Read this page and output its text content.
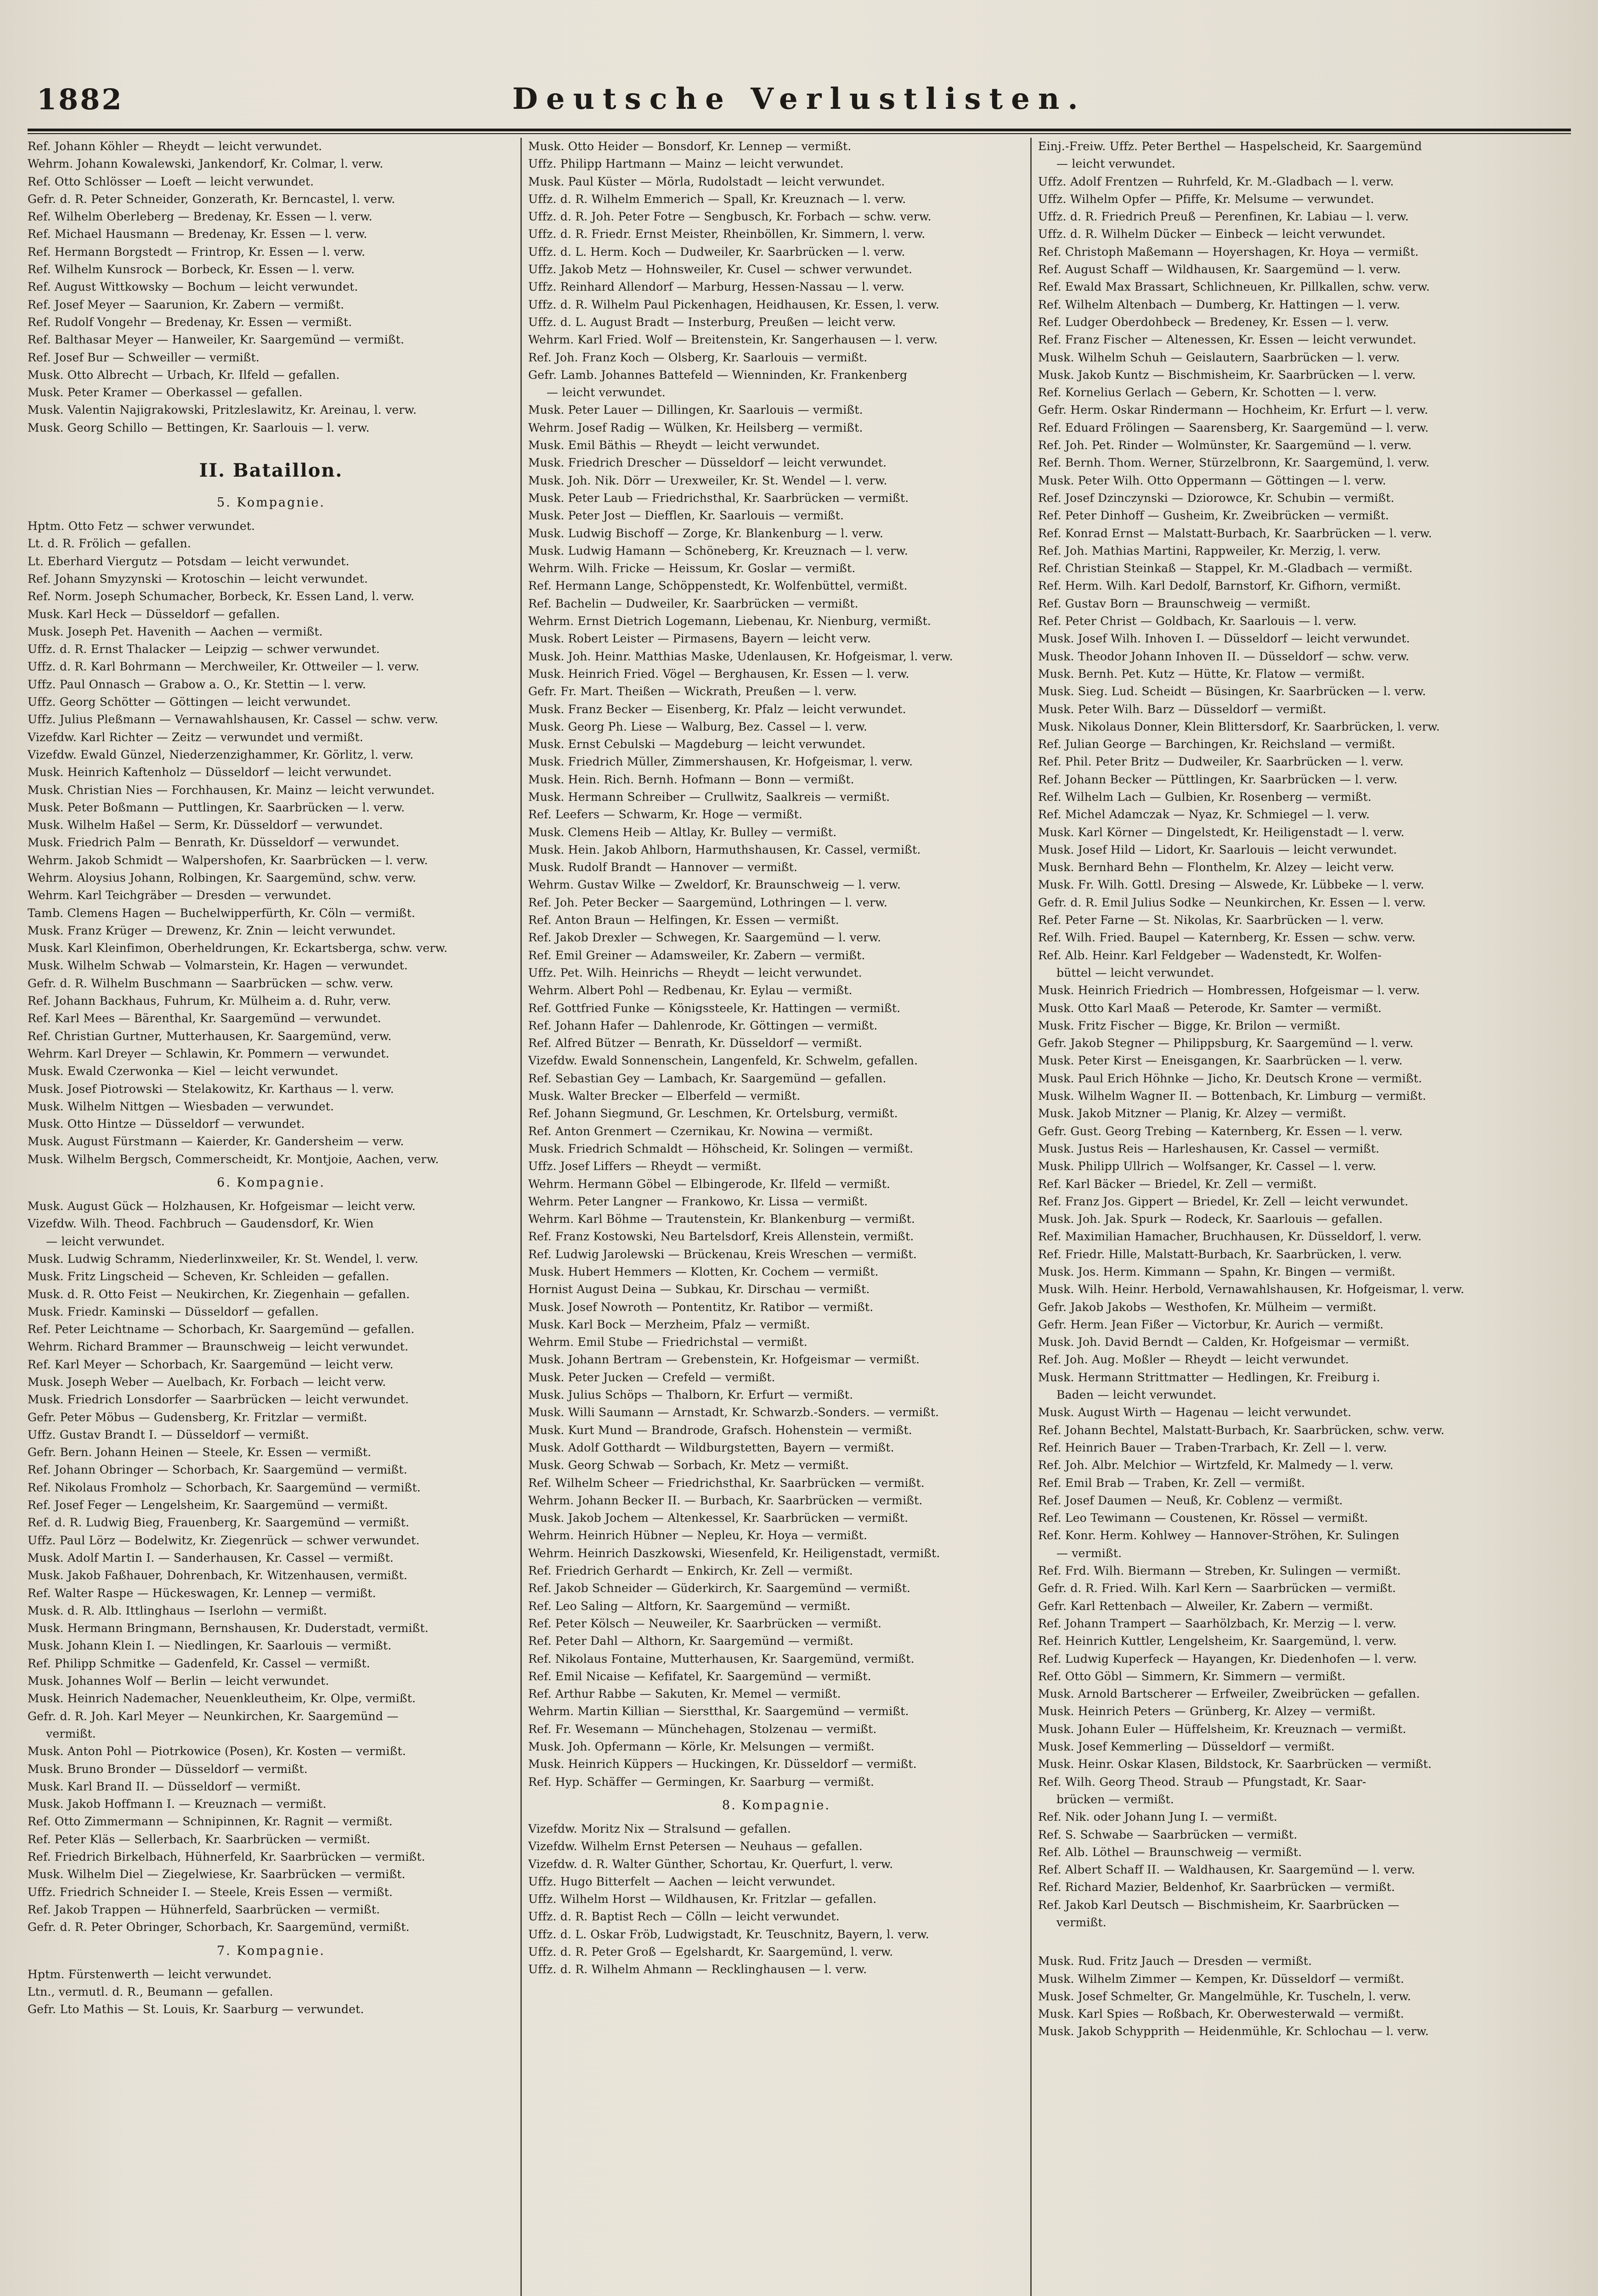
1882	Deutsche Verlustlisten.
Ref. Johann Köhler — Rheydt — leicht verwundet.
Wehrm. Johann Kowalewski, Jankendorf, Kr. Colmar, l. verw.
Ref. Otto Schlösser — Loeft — leicht verwundet.
Gefr. d. R. Peter Schneider, Gonzerath, Kr. Berncastel, l. verw.
Ref. Wilhelm Oberleberg — Bredenay, Kr. Essen — l. verw.
Ref. Michael Hausmann — Bredenay, Kr. Essen — l. verw.
Ref. Hermann Borgstedt — Frintrop, Kr. Essen — l. verw.
Ref. Wilhelm Kunsrock — Borbeck, Kr. Essen — l. verw.
Ref. August Wittkowsky — Bochum — leicht verwundet.
Ref. Josef Meyer — Saarunion, Kr. Zabern — vermißt.
Ref. Rudolf Vongehr — Bredenay, Kr. Essen — vermißt.
Ref. Balthasar Meyer — Hanweiler, Kr. Saargemünd — vermißt.
Ref. Josef Bur — Schweiller — vermißt.
Musk. Otto Albrecht — Urbach, Kr. Ilfeld — gefallen.
Musk. Peter Kramer — Oberkassel — gefallen.
Musk. Valentin Najigrakowski, Pritzleslawitz, Kr. Areinau, l. verw.
Musk. Georg Schillo — Bettingen, Kr. Saarlouis — l. verw.
II. Bataillon.
5. Kompagnie.
Hptm. Otto Fetz — schwer verwundet.
Lt. d. R. Frölich — gefallen.
Lt. Eberhard Viergutz — Potsdam — leicht verwundet.
Ref. Johann Smyzynski — Krotoschin — leicht verwundet.
Ref. Norm. Joseph Schumacher, Borbeck, Kr. Essen Land, l. verw.
Musk. Karl Heck — Düsseldorf — gefallen.
Musk. Joseph Pet. Havenith — Aachen — vermißt.
Uffz. d. R. Ernst Thalacker — Leipzig — schwer verwundet.
Uffz. d. R. Karl Bohrmann — Merchweiler, Kr. Ottweiler — l. verw.
Uffz. Paul Onnasch — Grabow a. O., Kr. Stettin — l. verw.
Uffz. Georg Schötter — Göttingen — leicht verwundet.
Uffz. Julius Pleßmann — Vernawahlshausen, Kr. Cassel — schw. verw.
Vizefdw. Karl Richter — Zeitz — verwundet und vermißt.
Vizefdw. Ewald Günzel, Niederzenzighammer, Kr. Görlitz, l. verw.
Musk. Heinrich Kaftenholz — Düsseldorf — leicht verwundet.
Musk. Christian Nies — Forchhausen, Kr. Mainz — leicht verwundet.
Musk. Peter Boßmann — Puttlingen, Kr. Saarbrücken — l. verw.
Musk. Wilhelm Haßel — Serm, Kr. Düsseldorf — verwundet.
Musk. Friedrich Palm — Benrath, Kr. Düsseldorf — verwundet.
Wehrm. Jakob Schmidt — Walpershofen, Kr. Saarbrücken — l. verw.
Wehrm. Aloysius Johann, Rolbingen, Kr. Saargemünd, schw. verw.
Wehrm. Karl Teichgräber — Dresden — verwundet.
Tamb. Clemens Hagen — Buchelwipperfürth, Kr. Cöln — vermißt.
Musk. Franz Krüger — Drewenz, Kr. Znin — leicht verwundet.
Musk. Karl Kleinfimon, Oberheldrungen, Kr. Eckartsberga, schw. verw.
Musk. Wilhelm Schwab — Volmarstein, Kr. Hagen — verwundet.
Gefr. d. R. Wilhelm Buschmann — Saarbrücken — schw. verw.
Ref. Johann Backhaus, Fuhrum, Kr. Mülheim a. d. Ruhr, verw.
Ref. Karl Mees — Bärenthal, Kr. Saargemünd — verwundet.
Ref. Christian Gurtner, Mutterhausen, Kr. Saargemünd, verw.
Wehrm. Karl Dreyer — Schlawin, Kr. Pommern — verwundet.
Musk. Ewald Czerwonka — Kiel — leicht verwundet.
Musk. Josef Piotrowski — Stelakowitz, Kr. Karthaus — l. verw.
Musk. Wilhelm Nittgen — Wiesbaden — verwundet.
Musk. Otto Hintze — Düsseldorf — verwundet.
Musk. August Fürstmann — Kaierder, Kr. Gandersheim — verw.
Musk. Wilhelm Bergsch, Commerscheidt, Kr. Montjoie, Aachen, verw.
6. Kompagnie.
Musk. August Gück — Holzhausen, Kr. Hofgeismar — leicht verw.
Vizefdw. Wilh. Theod. Fachbruch — Gaudensdorf, Kr. Wien
— leicht verwundet.
Musk. Ludwig Schramm, Niederlinxweiler, Kr. St. Wendel, l. verw.
Musk. Fritz Lingscheid — Scheven, Kr. Schleiden — gefallen.
Musk. d. R. Otto Feist — Neukirchen, Kr. Ziegenhain — gefallen.
Musk. Friedr. Kaminski — Düsseldorf — gefallen.
Ref. Peter Leichtname — Schorbach, Kr. Saargemünd — gefallen.
Wehrm. Richard Brammer — Braunschweig — leicht verwundet.
Ref. Karl Meyer — Schorbach, Kr. Saargemünd — leicht verw.
Musk. Joseph Weber — Auelbach, Kr. Forbach — leicht verw.
Musk. Friedrich Lonsdorfer — Saarbrücken — leicht verwundet.
Gefr. Peter Möbus — Gudensberg, Kr. Fritzlar — vermißt.
Uffz. Gustav Brandt I. — Düsseldorf — vermißt.
Gefr. Bern. Johann Heinen — Steele, Kr. Essen — vermißt.
Ref. Johann Obringer — Schorbach, Kr. Saargemünd — vermißt.
Ref. Nikolaus Fromholz — Schorbach, Kr. Saargemünd — vermißt.
Ref. Josef Feger — Lengelsheim, Kr. Saargemünd — vermißt.
Ref. d. R. Ludwig Bieg, Frauenberg, Kr. Saargemünd — vermißt.
Uffz. Paul Lörz — Bodelwitz, Kr. Ziegenrück — schwer verwundet.
Musk. Adolf Martin I. — Sanderhausen, Kr. Cassel — vermißt.
Musk. Jakob Faßhauer, Dohrenbach, Kr. Witzenhausen, vermißt.
Ref. Walter Raspe — Hückeswagen, Kr. Lennep — vermißt.
Musk. d. R. Alb. Ittlinghaus — Iserlohn — vermißt.
Musk. Hermann Bringmann, Bernshausen, Kr. Duderstadt, vermißt.
Musk. Johann Klein I. — Niedlingen, Kr. Saarlouis — vermißt.
Ref. Philipp Schmitke — Gadenfeld, Kr. Cassel — vermißt.
Musk. Johannes Wolf — Berlin — leicht verwundet.
Musk. Heinrich Nademacher, Neuenkleutheim, Kr. Olpe, vermißt.
Gefr. d. R. Joh. Karl Meyer — Neunkirchen, Kr. Saargemünd —
vermißt.
Musk. Anton Pohl — Piotrkowice (Posen), Kr. Kosten — vermißt.
Musk. Bruno Bronder — Düsseldorf — vermißt.
Musk. Karl Brand II. — Düsseldorf — vermißt.
Musk. Jakob Hoffmann I. — Kreuznach — vermißt.
Ref. Otto Zimmermann — Schnipinnen, Kr. Ragnit — vermißt.
Ref. Peter Kläs — Sellerbach, Kr. Saarbrücken — vermißt.
Ref. Friedrich Birkelbach, Hühnerfeld, Kr. Saarbrücken — vermißt.
Musk. Wilhelm Diel — Ziegelwiese, Kr. Saarbrücken — vermißt.
Uffz. Friedrich Schneider I. — Steele, Kreis Essen — vermißt.
Ref. Jakob Trappen — Hühnerfeld, Saarbrücken — vermißt.
Gefr. d. R. Peter Obringer, Schorbach, Kr. Saargemünd, vermißt.
7. Kompagnie.
Hptm. Fürstenwerth — leicht verwundet.
Ltn., vermutl. d. R., Beumann — gefallen.
Gefr. Lto Mathis — St. Louis, Kr. Saarburg — verwundet.
Musk. Otto Heider — Bonsdorf, Kr. Lennep — vermißt.
Uffz. Philipp Hartmann — Mainz — leicht verwundet.
Musk. Paul Küster — Mörla, Rudolstadt — leicht verwundet.
Uffz. d. R. Wilhelm Emmerich — Spall, Kr. Kreuznach — l. verw.
Uffz. d. R. Joh. Peter Fotre — Sengbusch, Kr. Forbach — schw. verw.
Uffz. d. R. Friedr. Ernst Meister, Rheinböllen, Kr. Simmern, l. verw.
Uffz. d. L. Herm. Koch — Dudweiler, Kr. Saarbrücken — l. verw.
Uffz. Jakob Metz — Hohnsweiler, Kr. Cusel — schwer verwundet.
Uffz. Reinhard Allendorf — Marburg, Hessen-Nassau — l. verw.
Uffz. d. R. Wilhelm Paul Pickenhagen, Heidhausen, Kr. Essen, l. verw.
Uffz. d. L. August Bradt — Insterburg, Preußen — leicht verw.
Wehrm. Karl Fried. Wolf — Breitenstein, Kr. Sangerhausen — l. verw.
Ref. Joh. Franz Koch — Olsberg, Kr. Saarlouis — vermißt.
Gefr. Lamb. Johannes Battefeld — Wienninden, Kr. Frankenberg
— leicht verwundet.
Musk. Peter Lauer — Dillingen, Kr. Saarlouis — vermißt.
Wehrm. Josef Radig — Wülken, Kr. Heilsberg — vermißt.
Musk. Emil Bäthis — Rheydt — leicht verwundet.
Musk. Friedrich Drescher — Düsseldorf — leicht verwundet.
Musk. Joh. Nik. Dörr — Urexweiler, Kr. St. Wendel — l. verw.
Musk. Peter Laub — Friedrichsthal, Kr. Saarbrücken — vermißt.
Musk. Peter Jost — Diefflen, Kr. Saarlouis — vermißt.
Musk. Ludwig Bischoff — Zorge, Kr. Blankenburg — l. verw.
Musk. Ludwig Hamann — Schöneberg, Kr. Kreuznach — l. verw.
Wehrm. Wilh. Fricke — Heissum, Kr. Goslar — vermißt.
Ref. Hermann Lange, Schöppenstedt, Kr. Wolfenbüttel, vermißt.
Ref. Bachelin — Dudweiler, Kr. Saarbrücken — vermißt.
Wehrm. Ernst Dietrich Logemann, Liebenau, Kr. Nienburg, vermißt.
Musk. Robert Leister — Pirmasens, Bayern — leicht verw.
Musk. Joh. Heinr. Matthias Maske, Udenlausen, Kr. Hofgeismar, l. verw.
Musk. Heinrich Fried. Vögel — Berghausen, Kr. Essen — l. verw.
Gefr. Fr. Mart. Theißen — Wickrath, Preußen — l. verw.
Musk. Franz Becker — Eisenberg, Kr. Pfalz — leicht verwundet.
Musk. Georg Ph. Liese — Walburg, Bez. Cassel — l. verw.
Musk. Ernst Cebulski — Magdeburg — leicht verwundet.
Musk. Friedrich Müller, Zimmershausen, Kr. Hofgeismar, l. verw.
Musk. Hein. Rich. Bernh. Hofmann — Bonn — vermißt.
Musk. Hermann Schreiber — Crullwitz, Saalkreis — vermißt.
Ref. Leefers — Schwarm, Kr. Hoge — vermißt.
Musk. Clemens Heib — Altlay, Kr. Bulley — vermißt.
Musk. Hein. Jakob Ahlborn, Harmuthshausen, Kr. Cassel, vermißt.
Musk. Rudolf Brandt — Hannover — vermißt.
Wehrm. Gustav Wilke — Zweldorf, Kr. Braunschweig — l. verw.
Ref. Joh. Peter Becker — Saargemünd, Lothringen — l. verw.
Ref. Anton Braun — Helfingen, Kr. Essen — vermißt.
Ref. Jakob Drexler — Schwegen, Kr. Saargemünd — l. verw.
Ref. Emil Greiner — Adamsweiler, Kr. Zabern — vermißt.
Uffz. Pet. Wilh. Heinrichs — Rheydt — leicht verwundet.
Wehrm. Albert Pohl — Redbenau, Kr. Eylau — vermißt.
Ref. Gottfried Funke — Königssteele, Kr. Hattingen — vermißt.
Ref. Johann Hafer — Dahlenrode, Kr. Göttingen — vermißt.
Ref. Alfred Bützer — Benrath, Kr. Düsseldorf — vermißt.
Vizefdw. Ewald Sonnenschein, Langenfeld, Kr. Schwelm, gefallen.
Ref. Sebastian Gey — Lambach, Kr. Saargemünd — gefallen.
Musk. Walter Brecker — Elberfeld — vermißt.
Ref. Johann Siegmund, Gr. Leschmen, Kr. Ortelsburg, vermißt.
Ref. Anton Grenmert — Czernikau, Kr. Nowina — vermißt.
Musk. Friedrich Schmaldt — Höhscheid, Kr. Solingen — vermißt.
Uffz. Josef Liffers — Rheydt — vermißt.
Wehrm. Hermann Göbel — Elbingerode, Kr. Ilfeld — vermißt.
Wehrm. Peter Langner — Frankowo, Kr. Lissa — vermißt.
Wehrm. Karl Böhme — Trautenstein, Kr. Blankenburg — vermißt.
Ref. Franz Kostowski, Neu Bartelsdorf, Kreis Allenstein, vermißt.
Ref. Ludwig Jarolewski — Brückenau, Kreis Wreschen — vermißt.
Musk. Hubert Hemmers — Klotten, Kr. Cochem — vermißt.
Hornist August Deina — Subkau, Kr. Dirschau — vermißt.
Musk. Josef Nowroth — Pontentitz, Kr. Ratibor — vermißt.
Musk. Karl Bock — Merzheim, Pfalz — vermißt.
Wehrm. Emil Stube — Friedrichstal — vermißt.
Musk. Johann Bertram — Grebenstein, Kr. Hofgeismar — vermißt.
Musk. Peter Jucken — Crefeld — vermißt.
Musk. Julius Schöps — Thalborn, Kr. Erfurt — vermißt.
Musk. Willi Saumann — Arnstadt, Kr. Schwarzb.-Sonders. — vermißt.
Musk. Kurt Mund — Brandrode, Grafsch. Hohenstein — vermißt.
Musk. Adolf Gotthardt — Wildburgstetten, Bayern — vermißt.
Musk. Georg Schwab — Sorbach, Kr. Metz — vermißt.
Ref. Wilhelm Scheer — Friedrichsthal, Kr. Saarbrücken — vermißt.
Wehrm. Johann Becker II. — Burbach, Kr. Saarbrücken — vermißt.
Musk. Jakob Jochem — Altenkessel, Kr. Saarbrücken — vermißt.
Wehrm. Heinrich Hübner — Nepleu, Kr. Hoya — vermißt.
Wehrm. Heinrich Daszkowski, Wiesenfeld, Kr. Heiligenstadt, vermißt.
Ref. Friedrich Gerhardt — Enkirch, Kr. Zell — vermißt.
Ref. Jakob Schneider — Güderkirch, Kr. Saargemünd — vermißt.
Ref. Leo Saling — Altforn, Kr. Saargemünd — vermißt.
Ref. Peter Kölsch — Neuweiler, Kr. Saarbrücken — vermißt.
Ref. Peter Dahl — Althorn, Kr. Saargemünd — vermißt.
Ref. Nikolaus Fontaine, Mutterhausen, Kr. Saargemünd, vermißt.
Ref. Emil Nicaise — Kefifatel, Kr. Saargemünd — vermißt.
Ref. Arthur Rabbe — Sakuten, Kr. Memel — vermißt.
Wehrm. Martin Killian — Sierstthal, Kr. Saargemünd — vermißt.
Ref. Fr. Wesemann — Münchehagen, Stolzenau — vermißt.
Musk. Joh. Opfermann — Körle, Kr. Melsungen — vermißt.
Musk. Heinrich Küppers — Huckingen, Kr. Düsseldorf — vermißt.
Ref. Hyp. Schäffer — Germingen, Kr. Saarburg — vermißt.
8. Kompagnie.
Vizefdw. Moritz Nix — Stralsund — gefallen.
Vizefdw. Wilhelm Ernst Petersen — Neuhaus — gefallen.
Vizefdw. d. R. Walter Günther, Schortau, Kr. Querfurt, l. verw.
Uffz. Hugo Bitterfelt — Aachen — leicht verwundet.
Uffz. Wilhelm Horst — Wildhausen, Kr. Fritzlar — gefallen.
Uffz. d. R. Baptist Rech — Cölln — leicht verwundet.
Uffz. d. L. Oskar Fröb, Ludwigstadt, Kr. Teuschnitz, Bayern, l. verw.
Uffz. d. R. Peter Groß — Egelshardt, Kr. Saargemünd, l. verw.
Uffz. d. R. Wilhelm Ahmann — Recklinghausen — l. verw.
Einj.-Freiw. Uffz. Peter Berthel — Haspelscheid, Kr. Saargemünd
— leicht verwundet.
Uffz. Adolf Frentzen — Ruhrfeld, Kr. M.-Gladbach — l. verw.
Uffz. Wilhelm Opfer — Pfiffe, Kr. Melsume — verwundet.
Uffz. d. R. Friedrich Preuß — Perenfinen, Kr. Labiau — l. verw.
Uffz. d. R. Wilhelm Dücker — Einbeck — leicht verwundet.
Ref. Christoph Maßemann — Hoyershagen, Kr. Hoya — vermißt.
Ref. August Schaff — Wildhausen, Kr. Saargemünd — l. verw.
Ref. Ewald Max Brassart, Schlichneuen, Kr. Pillkallen, schw. verw.
Ref. Wilhelm Altenbach — Dumberg, Kr. Hattingen — l. verw.
Ref. Ludger Oberdohbeck — Bredeney, Kr. Essen — l. verw.
Ref. Franz Fischer — Altenessen, Kr. Essen — leicht verwundet.
Musk. Wilhelm Schuh — Geislautern, Saarbrücken — l. verw.
Musk. Jakob Kuntz — Bischmisheim, Kr. Saarbrücken — l. verw.
Ref. Kornelius Gerlach — Gebern, Kr. Schotten — l. verw.
Gefr. Herm. Oskar Rindermann — Hochheim, Kr. Erfurt — l. verw.
Ref. Eduard Frölingen — Saarensberg, Kr. Saargemünd — l. verw.
Ref. Joh. Pet. Rinder — Wolmünster, Kr. Saargemünd — l. verw.
Ref. Bernh. Thom. Werner, Stürzelbronn, Kr. Saargemünd, l. verw.
Musk. Peter Wilh. Otto Oppermann — Göttingen — l. verw.
Ref. Josef Dzinczynski — Dziorowce, Kr. Schubin — vermißt.
Ref. Peter Dinhoff — Gusheim, Kr. Zweibrücken — vermißt.
Ref. Konrad Ernst — Malstatt-Burbach, Kr. Saarbrücken — l. verw.
Ref. Joh. Mathias Martini, Rappweiler, Kr. Merzig, l. verw.
Ref. Christian Steinkaß — Stappel, Kr. M.-Gladbach — vermißt.
Ref. Herm. Wilh. Karl Dedolf, Barnstorf, Kr. Gifhorn, vermißt.
Ref. Gustav Born — Braunschweig — vermißt.
Ref. Peter Christ — Goldbach, Kr. Saarlouis — l. verw.
Musk. Josef Wilh. Inhoven I. — Düsseldorf — leicht verwundet.
Musk. Theodor Johann Inhoven II. — Düsseldorf — schw. verw.
Musk. Bernh. Pet. Kutz — Hütte, Kr. Flatow — vermißt.
Musk. Sieg. Lud. Scheidt — Büsingen, Kr. Saarbrücken — l. verw.
Musk. Peter Wilh. Barz — Düsseldorf — vermißt.
Musk. Nikolaus Donner, Klein Blittersdorf, Kr. Saarbrücken, l. verw.
Ref. Julian George — Barchingen, Kr. Reichsland — vermißt.
Ref. Phil. Peter Britz — Dudweiler, Kr. Saarbrücken — l. verw.
Ref. Johann Becker — Püttlingen, Kr. Saarbrücken — l. verw.
Ref. Wilhelm Lach — Gulbien, Kr. Rosenberg — vermißt.
Ref. Michel Adamczak — Nyaz, Kr. Schmiegel — l. verw.
Musk. Karl Körner — Dingelstedt, Kr. Heiligenstadt — l. verw.
Musk. Josef Hild — Lidort, Kr. Saarlouis — leicht verwundet.
Musk. Bernhard Behn — Flonthelm, Kr. Alzey — leicht verw.
Musk. Fr. Wilh. Gottl. Dresing — Alswede, Kr. Lübbeke — l. verw.
Gefr. d. R. Emil Julius Sodke — Neunkirchen, Kr. Essen — l. verw.
Ref. Peter Farne — St. Nikolas, Kr. Saarbrücken — l. verw.
Ref. Wilh. Fried. Baupel — Katernberg, Kr. Essen — schw. verw.
Ref. Alb. Heinr. Karl Feldgeber — Wadenstedt, Kr. Wolfen-
büttel — leicht verwundet.
Musk. Heinrich Friedrich — Hombressen, Hofgeismar — l. verw.
Musk. Otto Karl Maaß — Peterode, Kr. Samter — vermißt.
Musk. Fritz Fischer — Bigge, Kr. Brilon — vermißt.
Gefr. Jakob Stegner — Philippsburg, Kr. Saargemünd — l. verw.
Musk. Peter Kirst — Eneisgangen, Kr. Saarbrücken — l. verw.
Musk. Paul Erich Höhnke — Jicho, Kr. Deutsch Krone — vermißt.
Musk. Wilhelm Wagner II. — Bottenbach, Kr. Limburg — vermißt.
Musk. Jakob Mitzner — Planig, Kr. Alzey — vermißt.
Gefr. Gust. Georg Trebing — Katernberg, Kr. Essen — l. verw.
Musk. Justus Reis — Harleshausen, Kr. Cassel — vermißt.
Musk. Philipp Ullrich — Wolfsanger, Kr. Cassel — l. verw.
Ref. Karl Bäcker — Briedel, Kr. Zell — vermißt.
Ref. Franz Jos. Gippert — Briedel, Kr. Zell — leicht verwundet.
Musk. Joh. Jak. Spurk — Rodeck, Kr. Saarlouis — gefallen.
Ref. Maximilian Hamacher, Bruchhausen, Kr. Düsseldorf, l. verw.
Ref. Friedr. Hille, Malstatt-Burbach, Kr. Saarbrücken, l. verw.
Musk. Jos. Herm. Kimmann — Spahn, Kr. Bingen — vermißt.
Musk. Wilh. Heinr. Herbold, Vernawahlshausen, Kr. Hofgeismar, l. verw.
Gefr. Jakob Jakobs — Westhofen, Kr. Mülheim — vermißt.
Gefr. Herm. Jean Fißer — Victorbur, Kr. Aurich — vermißt.
Musk. Joh. David Berndt — Calden, Kr. Hofgeismar — vermißt.
Ref. Joh. Aug. Moßler — Rheydt — leicht verwundet.
Musk. Hermann Strittmatter — Hedlingen, Kr. Freiburg i.
Baden — leicht verwundet.
Musk. August Wirth — Hagenau — leicht verwundet.
Ref. Johann Bechtel, Malstatt-Burbach, Kr. Saarbrücken, schw. verw.
Ref. Heinrich Bauer — Traben-Trarbach, Kr. Zell — l. verw.
Ref. Joh. Albr. Melchior — Wirtzfeld, Kr. Malmedy — l. verw.
Ref. Emil Brab — Traben, Kr. Zell — vermißt.
Ref. Josef Daumen — Neuß, Kr. Coblenz — vermißt.
Ref. Leo Tewimann — Coustenen, Kr. Rössel — vermißt.
Ref. Konr. Herm. Kohlwey — Hannover-Ströhen, Kr. Sulingen
— vermißt.
Ref. Frd. Wilh. Biermann — Streben, Kr. Sulingen — vermißt.
Gefr. d. R. Fried. Wilh. Karl Kern — Saarbrücken — vermißt.
Gefr. Karl Rettenbach — Alweiler, Kr. Zabern — vermißt.
Ref. Johann Trampert — Saarhölzbach, Kr. Merzig — l. verw.
Ref. Heinrich Kuttler, Lengelsheim, Kr. Saargemünd, l. verw.
Ref. Ludwig Kuperfeck — Hayangen, Kr. Diedenhofen — l. verw.
Ref. Otto Göbl — Simmern, Kr. Simmern — vermißt.
Musk. Arnold Bartscherer — Erfweiler, Zweibrücken — gefallen.
Musk. Heinrich Peters — Grünberg, Kr. Alzey — vermißt.
Musk. Johann Euler — Hüffelsheim, Kr. Kreuznach — vermißt.
Musk. Josef Kemmerling — Düsseldorf — vermißt.
Musk. Heinr. Oskar Klasen, Bildstock, Kr. Saarbrücken — vermißt.
Ref. Wilh. Georg Theod. Straub — Pfungstadt, Kr. Saar-
brücken — vermißt.
Ref. Nik. oder Johann Jung I. — vermißt.
Ref. S. Schwabe — Saarbrücken — vermißt.
Ref. Alb. Löthel — Braunschweig — vermißt.
Ref. Albert Schaff II. — Waldhausen, Kr. Saargemünd — l. verw.
Ref. Richard Mazier, Beldenhof, Kr. Saarbrücken — vermißt.
Ref. Jakob Karl Deutsch — Bischmisheim, Kr. Saarbrücken —
vermißt.
Musk. Rud. Fritz Jauch — Dresden — vermißt.
Musk. Wilhelm Zimmer — Kempen, Kr. Düsseldorf — vermißt.
Musk. Josef Schmelter, Gr. Mangelmühle, Kr. Tuscheln, l. verw.
Musk. Karl Spies — Roßbach, Kr. Oberwesterwald — vermißt.
Musk. Jakob Schypprith — Heidenmühle, Kr. Schlochau — l. verw.
